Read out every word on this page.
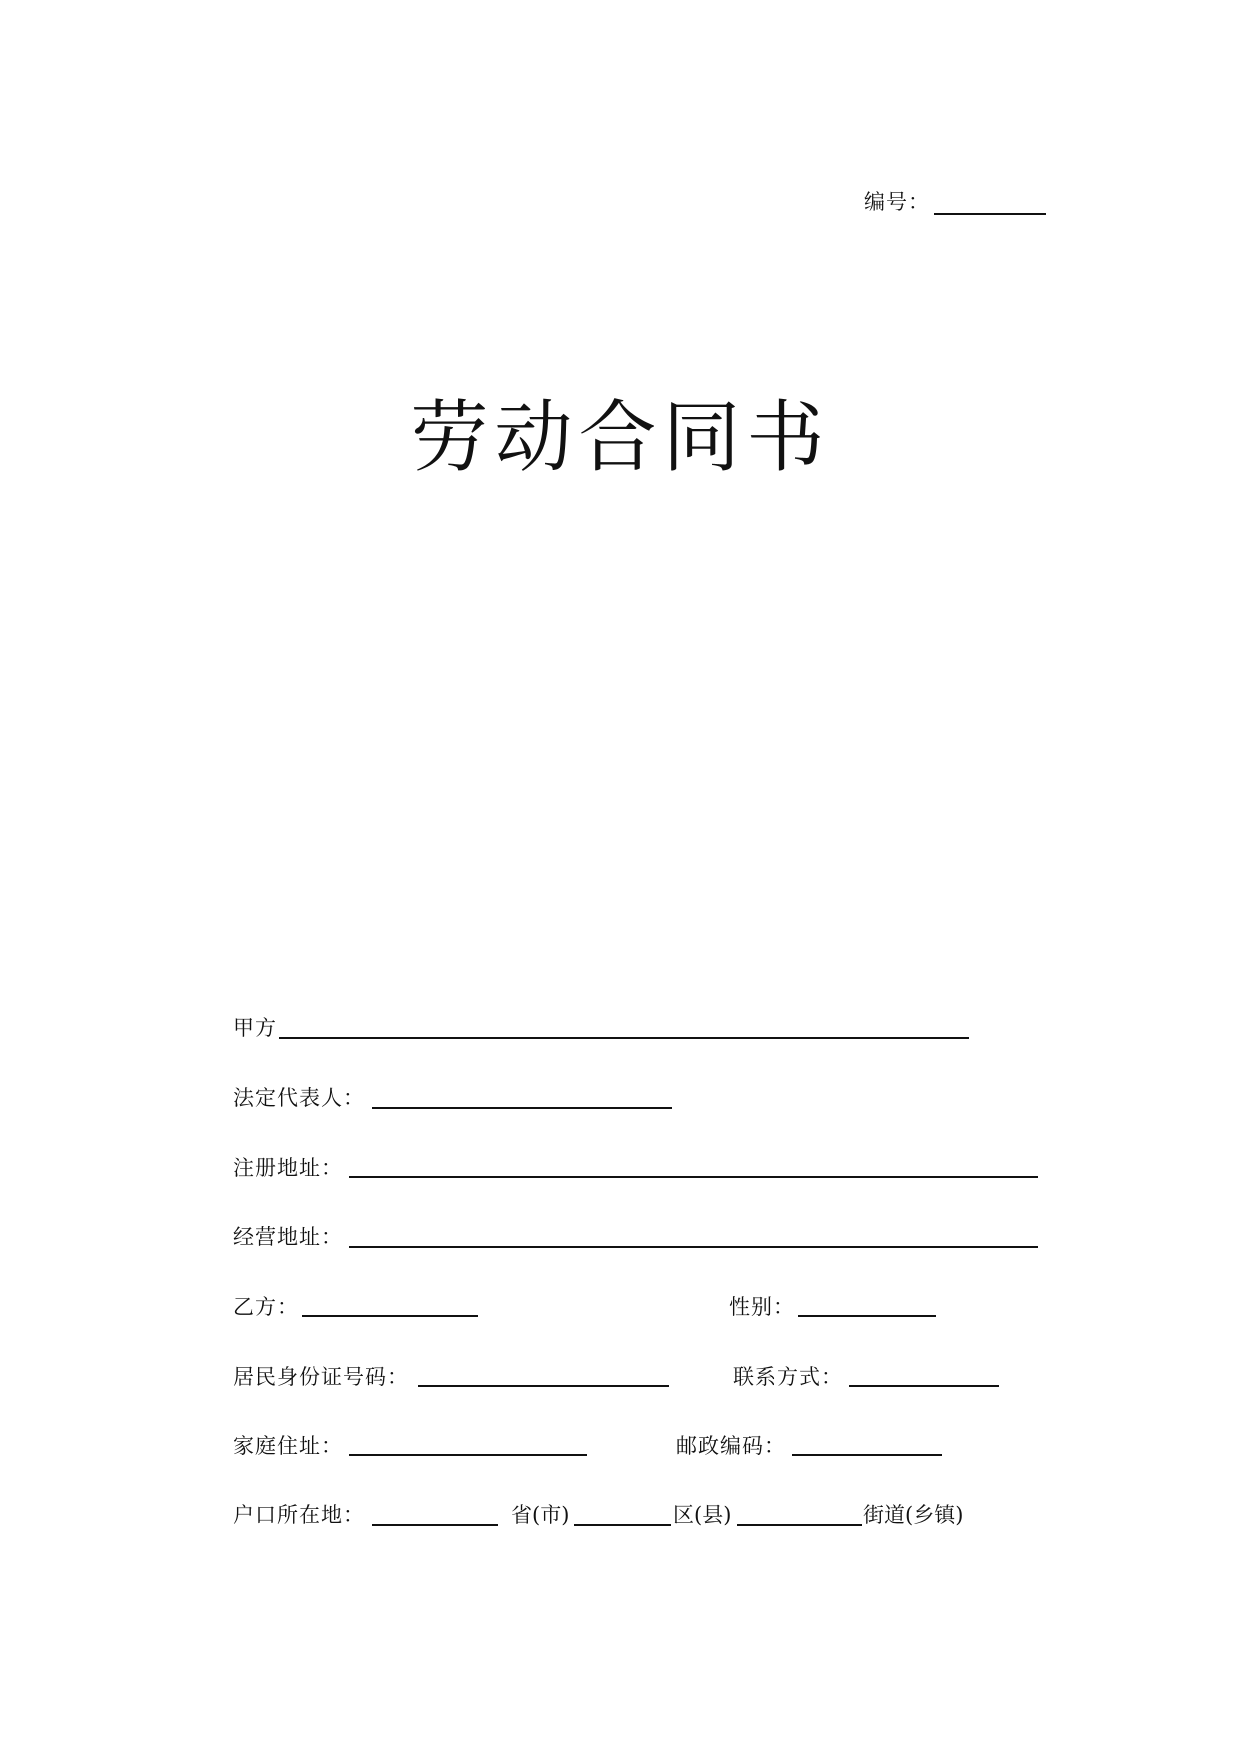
编号：
劳动合同书
甲方
法定代表人：
注册地址：
经营地址：
乙方：	性别：
居民身份证号码：	联系方式：
家庭住址：	邮政编码：
户口所在地：	省(市)	区(县)	街道(乡镇)
